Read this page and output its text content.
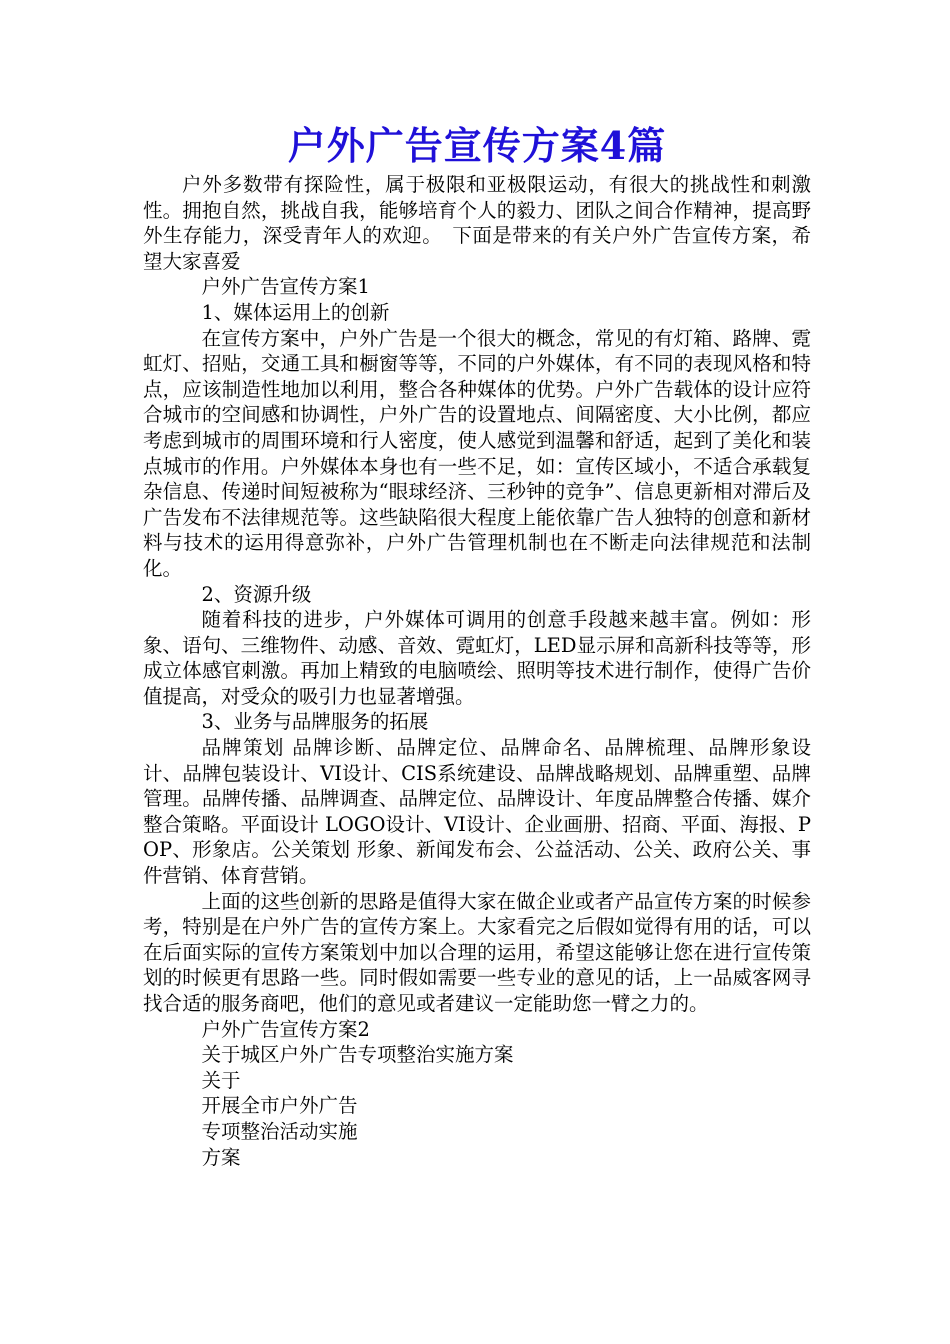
户外广告宣传方案4篇

户外多数带有探险性，属于极限和亚极限运动，有很大的挑战性和刺激性。拥抱自然，挑战自我，能够培育个人的毅力、团队之间合作精神，提高野外生存能力，深受青年人的欢迎。　下面是带来的有关户外广告宣传方案，希望大家喜爱

户外广告宣传方案1

1、媒体运用上的创新

在宣传方案中，户外广告是一个很大的概念，常见的有灯箱、路牌、霓虹灯、招贴，交通工具和橱窗等等，不同的户外媒体，有不同的表现风格和特点，应该制造性地加以利用，整合各种媒体的优势。户外广告载体的设计应符合城市的空间感和协调性，户外广告的设置地点、间隔密度、大小比例，都应考虑到城市的周围环境和行人密度，使人感觉到温馨和舒适，起到了美化和装点城市的作用。户外媒体本身也有一些不足，如：宣传区域小，不适合承载复杂信息、传递时间短被称为“眼球经济、三秒钟的竞争”、信息更新相对滞后及广告发布不法律规范等。这些缺陷很大程度上能依靠广告人独特的创意和新材料与技术的运用得意弥补，户外广告管理机制也在不断走向法律规范和法制化。

2、资源升级

随着科技的进步，户外媒体可调用的创意手段越来越丰富。例如：形象、语句、三维物件、动感、音效、霓虹灯，LED显示屏和高新科技等等，形成立体感官刺激。再加上精致的电脑喷绘、照明等技术进行制作，使得广告价值提高，对受众的吸引力也显著增强。

3、业务与品牌服务的拓展

品牌策划 品牌诊断、品牌定位、品牌命名、品牌梳理、品牌形象设计、品牌包装设计、VI设计、CIS系统建设、品牌战略规划、品牌重塑、品牌管理。品牌传播、品牌调查、品牌定位、品牌设计、年度品牌整合传播、媒介整合策略。平面设计 LOGO设计、VI设计、企业画册、招商、平面、海报、POP、形象店。公关策划 形象、新闻发布会、公益活动、公关、政府公关、事件营销、体育营销。

上面的这些创新的思路是值得大家在做企业或者产品宣传方案的时候参考，特别是在户外广告的宣传方案上。大家看完之后假如觉得有用的话，可以在后面实际的宣传方案策划中加以合理的运用，希望这能够让您在进行宣传策划的时候更有思路一些。同时假如需要一些专业的意见的话，上一品威客网寻找合适的服务商吧，他们的意见或者建议一定能助您一臂之力的。

户外广告宣传方案2

关于城区户外广告专项整治实施方案

关于

开展全市户外广告

专项整治活动实施

方案
